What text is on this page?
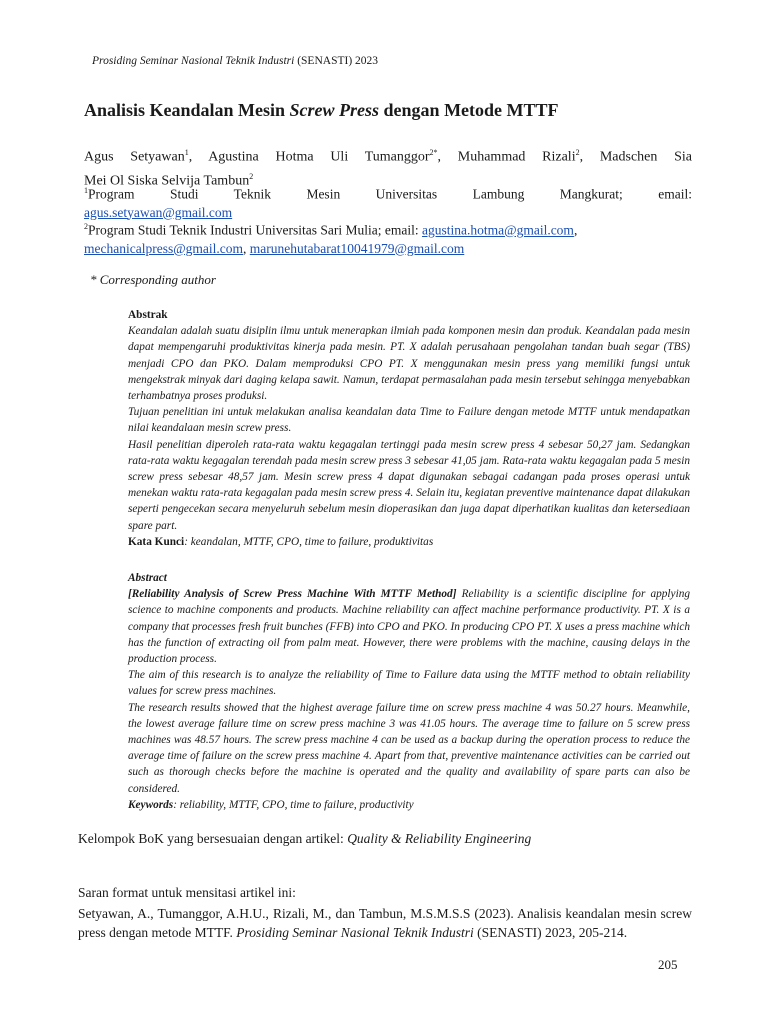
Prosiding Seminar Nasional Teknik Industri (SENASTI) 2023
Analisis Keandalan Mesin Screw Press dengan Metode MTTF
Agus Setyawan$^1$, Agustina Hotma Uli Tumanggor$^{2*}$, Muhammad Rizali$^2$, Madschen Sia
Mei Ol Siska Selvija Tambun$^2$
$^1$Program Studi Teknik Mesin Universitas Lambung Mangkurat; email:
agus.setyawan@gmail.com
$^2$Program Studi Teknik Industri Universitas Sari Mulia; email: agustina.hotma@gmail.com,
mechanicalpress@gmail.com, marunehutabarat10041979@gmail.com
* Corresponding author

Abstrak

Keandalan adalah suatu disiplin ilmu untuk menerapkan ilmiah pada komponen mesin dan produk. Keandalan pada mesin dapat mempengaruhi produktivitas kinerja pada mesin. PT. X adalah perusahaan pengolahan tandan buah segar (TBS) menjadi CPO dan PKO. Dalam memproduksi CPO PT. X menggunakan mesin press yang memiliki fungsi untuk mengekstrak minyak dari daging kelapa sawit. Namun, terdapat permasalahan pada mesin tersebut sehingga menyebabkan terhambatnya proses produksi.

Tujuan penelitian ini untuk melakukan analisa keandalan data Time to Failure dengan metode MTTF untuk mendapatkan nilai keandalaan mesin screw press.

Hasil penelitian diperoleh rata-rata waktu kegagalan tertinggi pada mesin screw press 4 sebesar 50,27 jam. Sedangkan rata-rata waktu kegagalan terendah pada mesin screw press 3 sebesar 41,05 jam. Rata-rata waktu kegagalan pada 5 mesin screw press sebesar 48,57 jam. Mesin screw press 4 dapat digunakan sebagai cadangan pada proses operasi untuk menekan waktu rata-rata kegagalan pada mesin screw press 4. Selain itu, kegiatan preventive maintenance dapat dilakukan seperti pengecekan secara menyeluruh sebelum mesin dioperasikan dan juga dapat diperhatikan kualitas dan ketersediaan spare part.

Kata Kunci: keandalan, MTTF, CPO, time to failure, produktivitas

Abstract

[Reliability Analysis of Screw Press Machine With MTTF Method] Reliability is a scientific discipline for applying science to machine components and products. Machine reliability can affect machine performance productivity. PT. X is a company that processes fresh fruit bunches (FFB) into CPO and PKO. In producing CPO PT. X uses a press machine which has the function of extracting oil from palm meat. However, there were problems with the machine, causing delays in the production process.

The aim of this research is to analyze the reliability of Time to Failure data using the MTTF method to obtain reliability values for screw press machines.

The research results showed that the highest average failure time on screw press machine 4 was 50.27 hours. Meanwhile, the lowest average failure time on screw press machine 3 was 41.05 hours. The average time to failure on 5 screw press machines was 48.57 hours. The screw press machine 4 can be used as a backup during the operation process to reduce the average time of failure on the screw press machine 4. Apart from that, preventive maintenance activities can be carried out such as thorough checks before the machine is operated and the quality and availability of spare parts can also be considered.

Keywords: reliability, MTTF, CPO, time to failure, productivity

Kelompok BoK yang bersesuaian dengan artikel: Quality & Reliability Engineering
Saran format untuk mensitasi artikel ini:
Setyawan, A., Tumanggor, A.H.U., Rizali, M., dan Tambun, M.S.M.S.S (2023). Analisis keandalan mesin screw press dengan metode MTTF. Prosiding Seminar Nasional Teknik Industri (SENASTI) 2023, 205-214.
205
